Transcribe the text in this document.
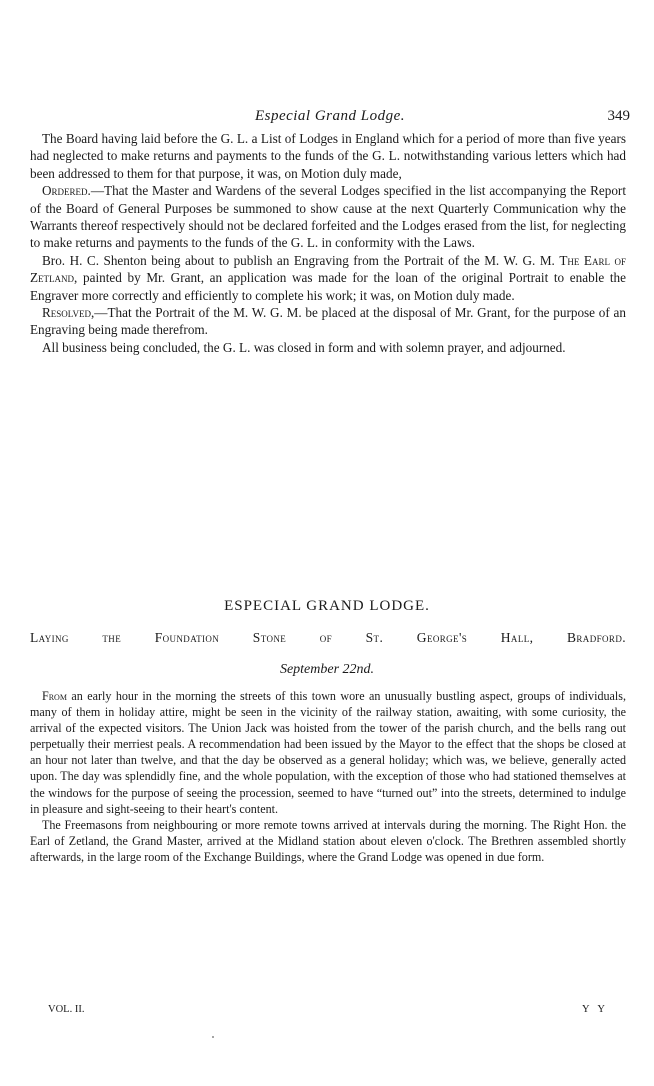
Especial Grand Lodge.	349

The Board having laid before the G. L. a List of Lodges in England which for a period of more than five years had neglected to make returns and payments to the funds of the G. L. notwithstanding various letters which had been addressed to them for that purpose, it was, on Motion duly made,

Ordered.—That the Master and Wardens of the several Lodges specified in the list accompanying the Report of the Board of General Purposes be summoned to show cause at the next Quarterly Communication why the Warrants thereof respectively should not be declared forfeited and the Lodges erased from the list, for neglecting to make returns and payments to the funds of the G. L. in conformity with the Laws.

Bro. H. C. Shenton being about to publish an Engraving from the Portrait of the M. W. G. M. The Earl of Zetland, painted by Mr. Grant, an application was made for the loan of the original Portrait to enable the Engraver more correctly and efficiently to complete his work; it was, on Motion duly made.

Resolved,—That the Portrait of the M. W. G. M. be placed at the disposal of Mr. Grant, for the purpose of an Engraving being made therefrom.

All business being concluded, the G. L. was closed in form and with solemn prayer, and adjourned.

ESPECIAL GRAND LODGE.
Laying the Foundation Stone of St. George's Hall, Bradford.
September 22nd.

From an early hour in the morning the streets of this town wore an unusually bustling aspect, groups of individuals, many of them in holiday attire, might be seen in the vicinity of the railway station, awaiting, with some curiosity, the arrival of the expected visitors. The Union Jack was hoisted from the tower of the parish church, and the bells rang out perpetually their merriest peals. A recommendation had been issued by the Mayor to the effect that the shops be closed at an hour not later than twelve, and that the day be observed as a general holiday; which was, we believe, generally acted upon. The day was splendidly fine, and the whole population, with the exception of those who had stationed themselves at the windows for the purpose of seeing the procession, seemed to have “turned out” into the streets, determined to indulge in pleasure and sight-seeing to their heart's content.

The Freemasons from neighbouring or more remote towns arrived at intervals during the morning. The Right Hon. the Earl of Zetland, the Grand Master, arrived at the Midland station about eleven o'clock. The Brethren assembled shortly afterwards, in the large room of the Exchange Buildings, where the Grand Lodge was opened in due form.

VOL. II.	Y Y
